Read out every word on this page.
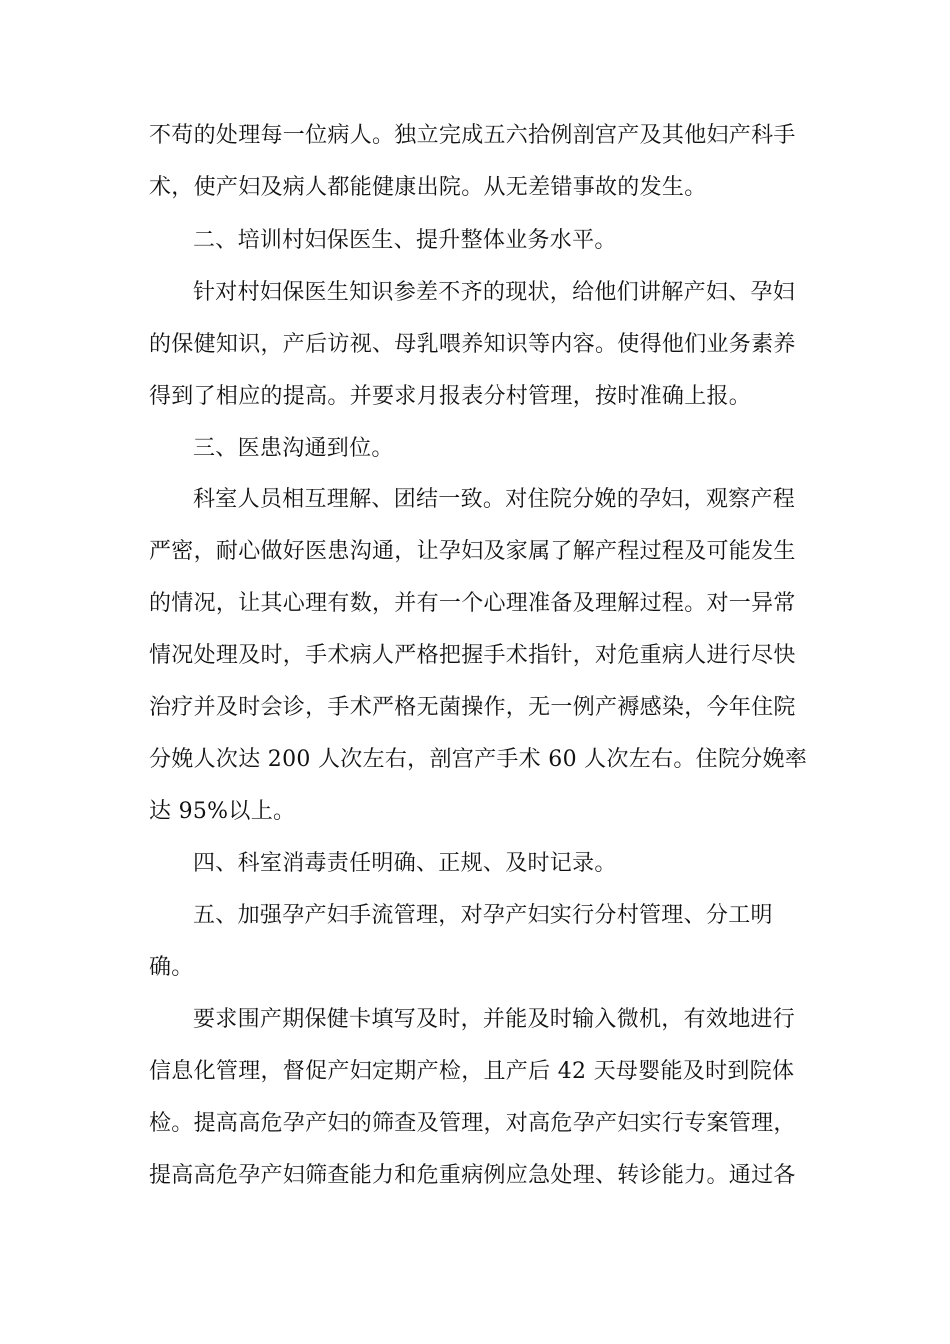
不苟的处理每一位病人。独立完成五六拾例剖宫产及其他妇产科手

术，使产妇及病人都能健康出院。从无差错事故的发生。

二、培训村妇保医生、提升整体业务水平。

针对村妇保医生知识参差不齐的现状，给他们讲解产妇、孕妇

的保健知识，产后访视、母乳喂养知识等内容。使得他们业务素养

得到了相应的提高。并要求月报表分村管理，按时准确上报。

三、医患沟通到位。

科室人员相互理解、团结一致。对住院分娩的孕妇，观察产程

严密，耐心做好医患沟通，让孕妇及家属了解产程过程及可能发生

的情况，让其心理有数，并有一个心理准备及理解过程。对一异常

情况处理及时，手术病人严格把握手术指针，对危重病人进行尽快

治疗并及时会诊，手术严格无菌操作，无一例产褥感染，今年住院

分娩人次达 200 人次左右，剖宫产手术 60 人次左右。住院分娩率

达 95%以上。

四、科室消毒责任明确、正规、及时记录。

五、加强孕产妇手流管理，对孕产妇实行分村管理、分工明

确。

要求围产期保健卡填写及时，并能及时输入微机，有效地进行

信息化管理，督促产妇定期产检，且产后 42 天母婴能及时到院体

检。提高高危孕产妇的筛查及管理，对高危孕产妇实行专案管理，

提高高危孕产妇筛查能力和危重病例应急处理、转诊能力。通过各
